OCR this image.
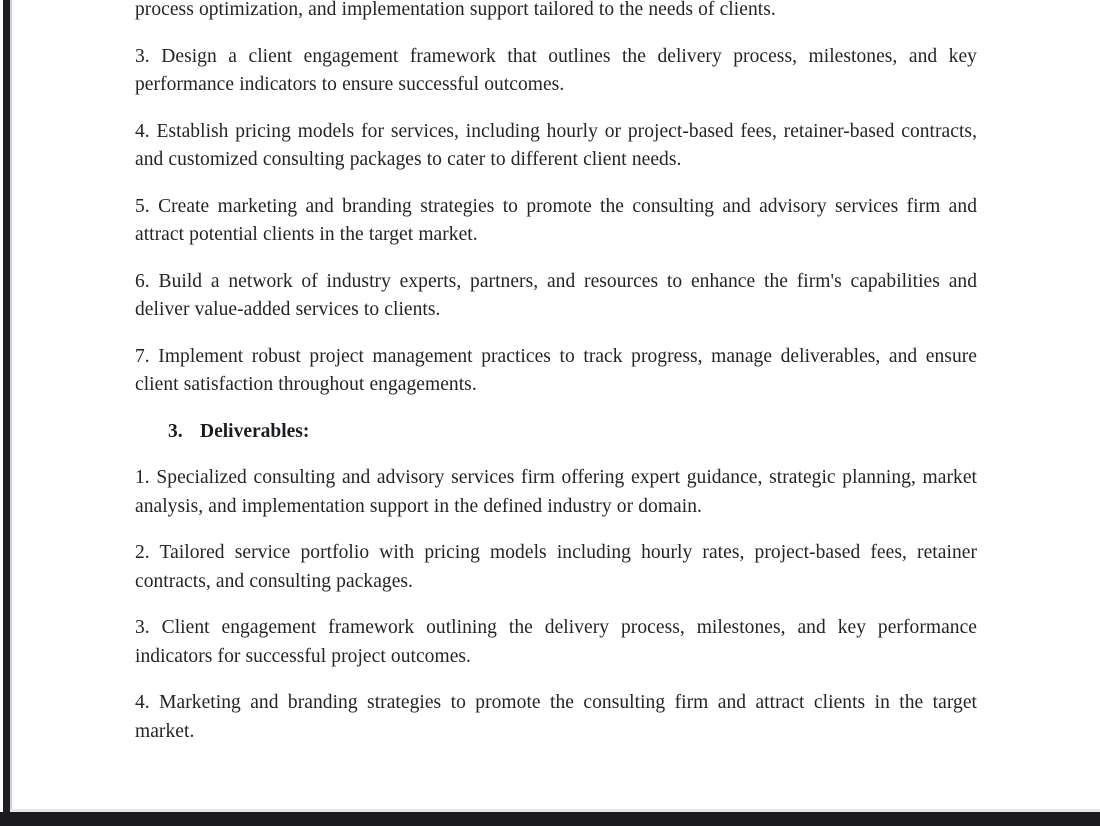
process optimization, and implementation support tailored to the needs of clients.

3. Design a client engagement framework that outlines the delivery process, milestones, and key performance indicators to ensure successful outcomes.

4. Establish pricing models for services, including hourly or project-based fees, retainer-based contracts, and customized consulting packages to cater to different client needs.

5. Create marketing and branding strategies to promote the consulting and advisory services firm and attract potential clients in the target market.

6. Build a network of industry experts, partners, and resources to enhance the firm's capabilities and deliver value-added services to clients.

7. Implement robust project management practices to track progress, manage deliverables, and ensure client satisfaction throughout engagements.

3. Deliverables:

1. Specialized consulting and advisory services firm offering expert guidance, strategic planning, market analysis, and implementation support in the defined industry or domain.

2. Tailored service portfolio with pricing models including hourly rates, project-based fees, retainer contracts, and consulting packages.

3. Client engagement framework outlining the delivery process, milestones, and key performance indicators for successful project outcomes.

4. Marketing and branding strategies to promote the consulting firm and attract clients in the target market.
